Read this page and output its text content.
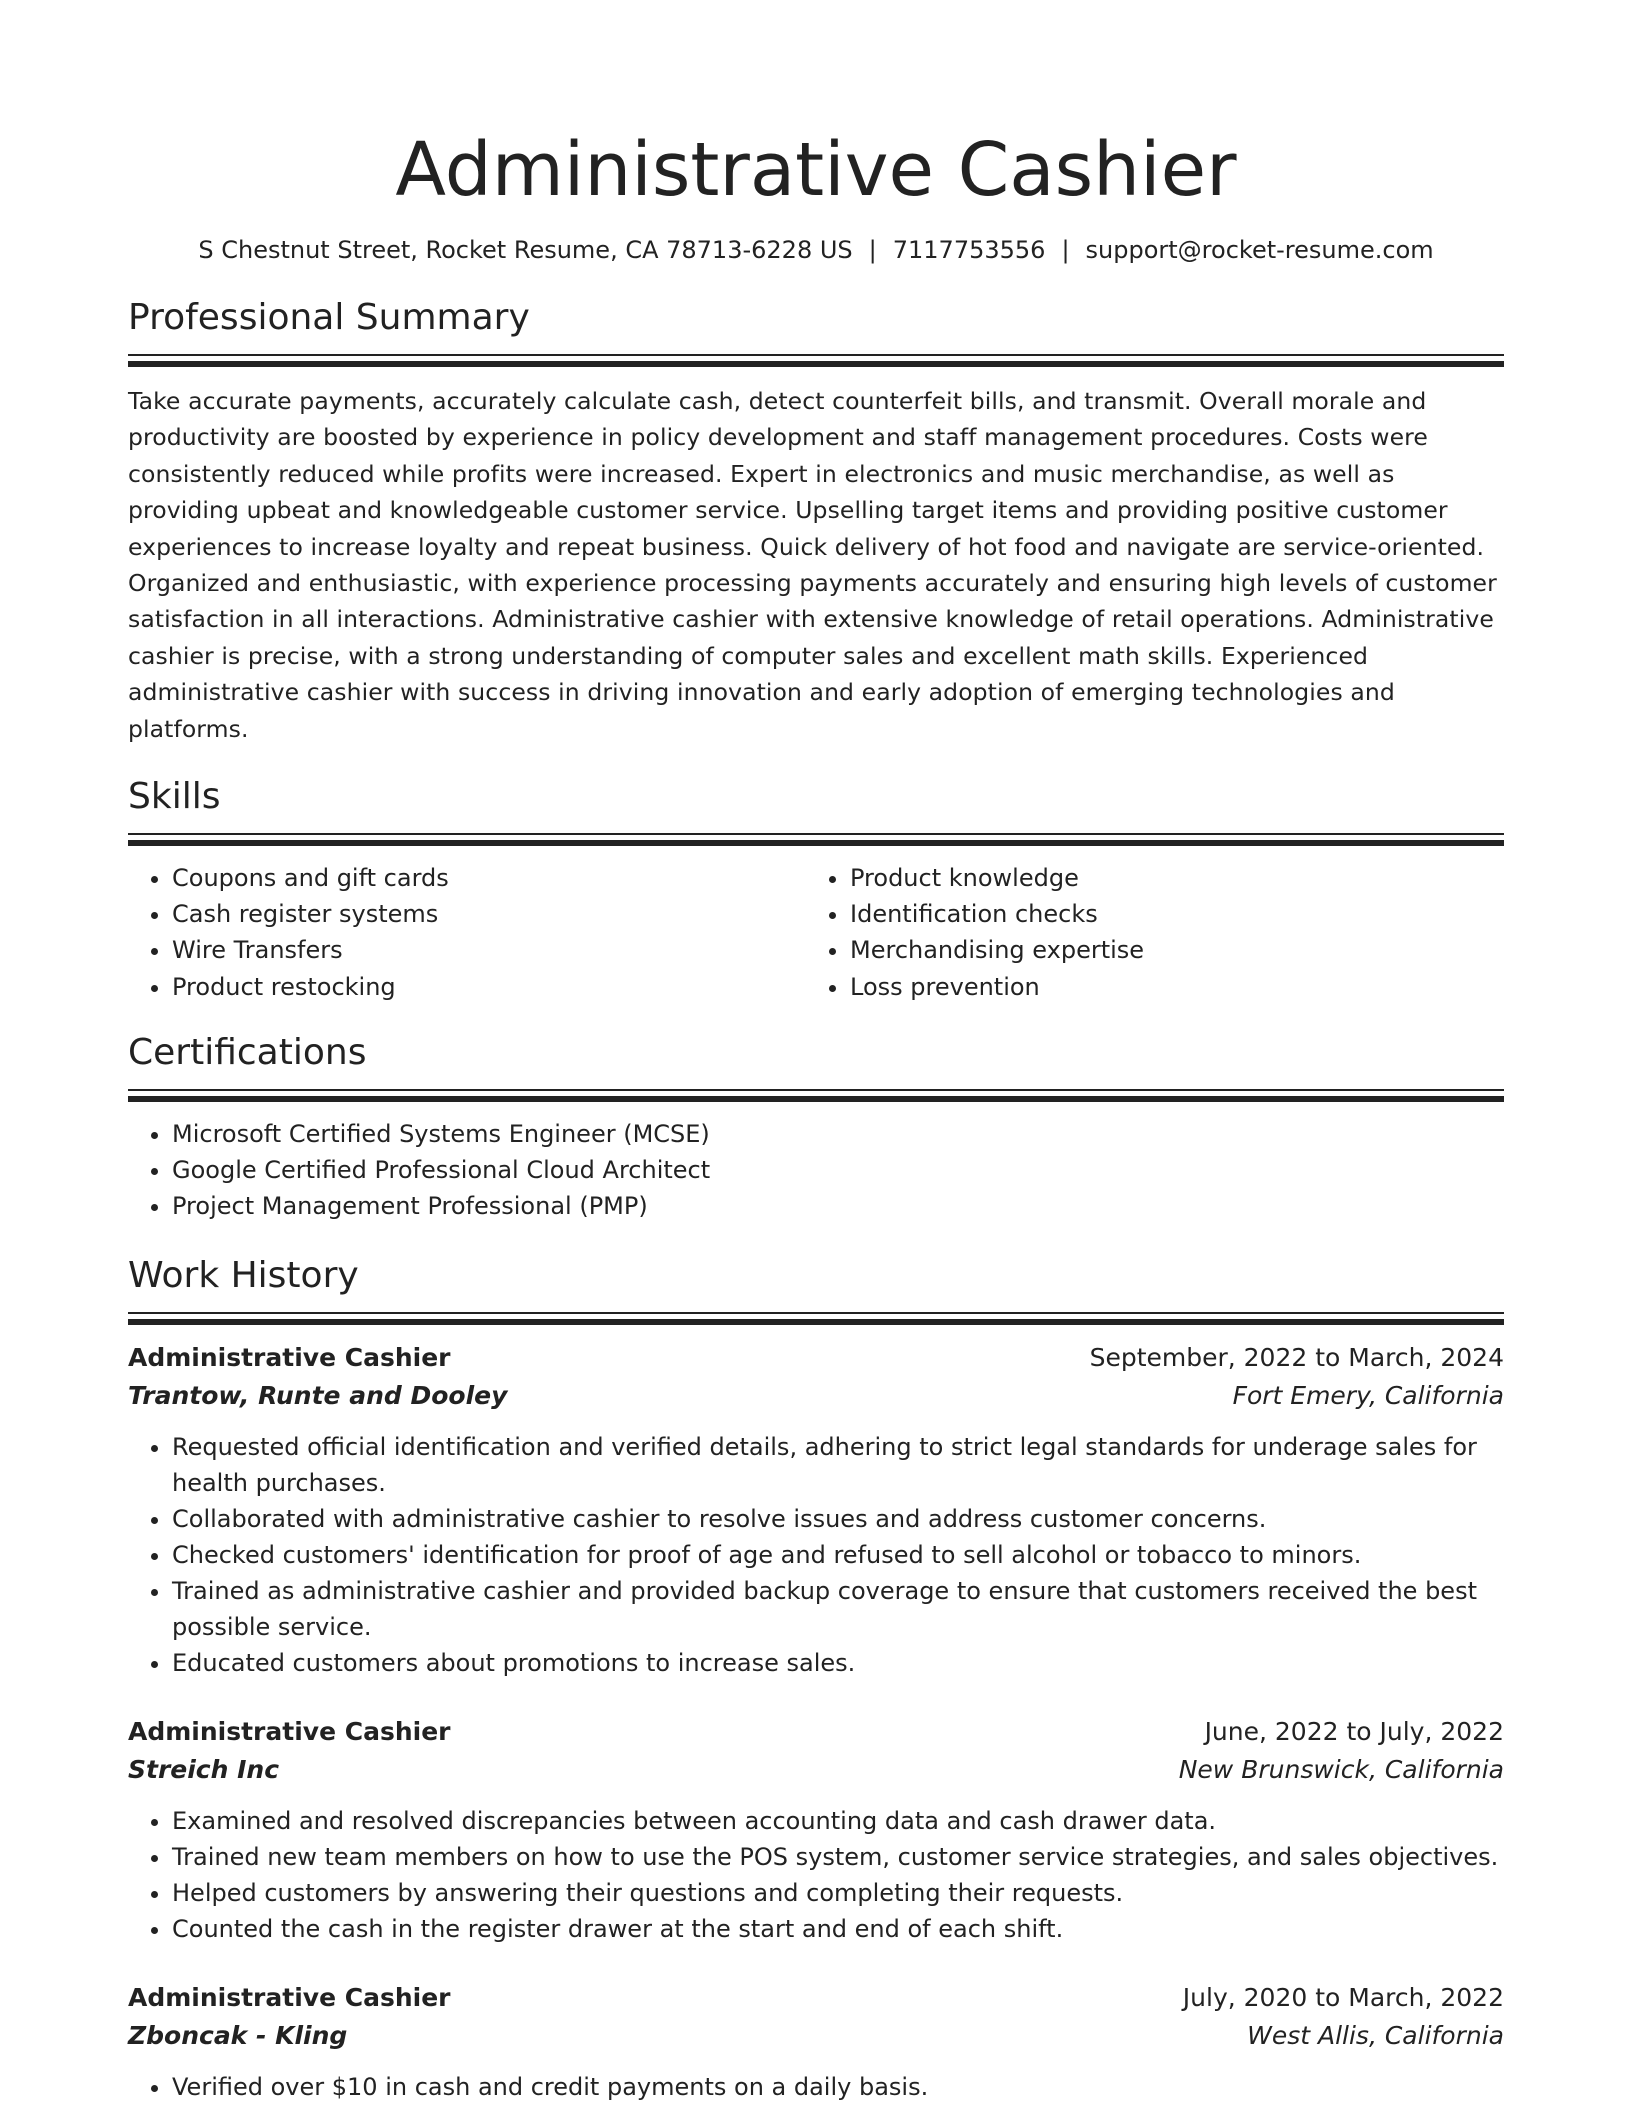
Administrative Cashier
S Chestnut Street, Rocket Resume, CA 78713-6228 US | 7117753556 | support@rocket-resume.com
Professional Summary

Take accurate payments, accurately calculate cash, detect counterfeit bills, and transmit. Overall morale and productivity are boosted by experience in policy development and staff management procedures. Costs were consistently reduced while profits were increased. Expert in electronics and music merchandise, as well as providing upbeat and knowledgeable customer service. Upselling target items and providing positive customer experiences to increase loyalty and repeat business. Quick delivery of hot food and navigate are service-oriented. Organized and enthusiastic, with experience processing payments accurately and ensuring high levels of customer satisfaction in all interactions. Administrative cashier with extensive knowledge of retail operations. Administrative cashier is precise, with a strong understanding of computer sales and excellent math skills. Experienced administrative cashier with success in driving innovation and early adoption of emerging technologies and platforms.

Skills
• Coupons and gift cards
• Cash register systems
• Wire Transfers
• Product restocking
• Product knowledge
• Identification checks
• Merchandising expertise
• Loss prevention
Certifications
• Microsoft Certified Systems Engineer (MCSE)
• Google Certified Professional Cloud Architect
• Project Management Professional (PMP)
Work History
Administrative Cashier	September, 2022 to March, 2024
Trantow, Runte and Dooley	Fort Emery, California
• Requested official identification and verified details, adhering to strict legal standards for underage sales for health purchases.
• Collaborated with administrative cashier to resolve issues and address customer concerns.
• Checked customers' identification for proof of age and refused to sell alcohol or tobacco to minors.
• Trained as administrative cashier and provided backup coverage to ensure that customers received the best possible service.
• Educated customers about promotions to increase sales.
Administrative Cashier	June, 2022 to July, 2022
Streich Inc	New Brunswick, California
• Examined and resolved discrepancies between accounting data and cash drawer data.
• Trained new team members on how to use the POS system, customer service strategies, and sales objectives.
• Helped customers by answering their questions and completing their requests.
• Counted the cash in the register drawer at the start and end of each shift.
Administrative Cashier	July, 2020 to March, 2022
Zboncak - Kling	West Allis, California
• Verified over $10 in cash and credit payments on a daily basis.
